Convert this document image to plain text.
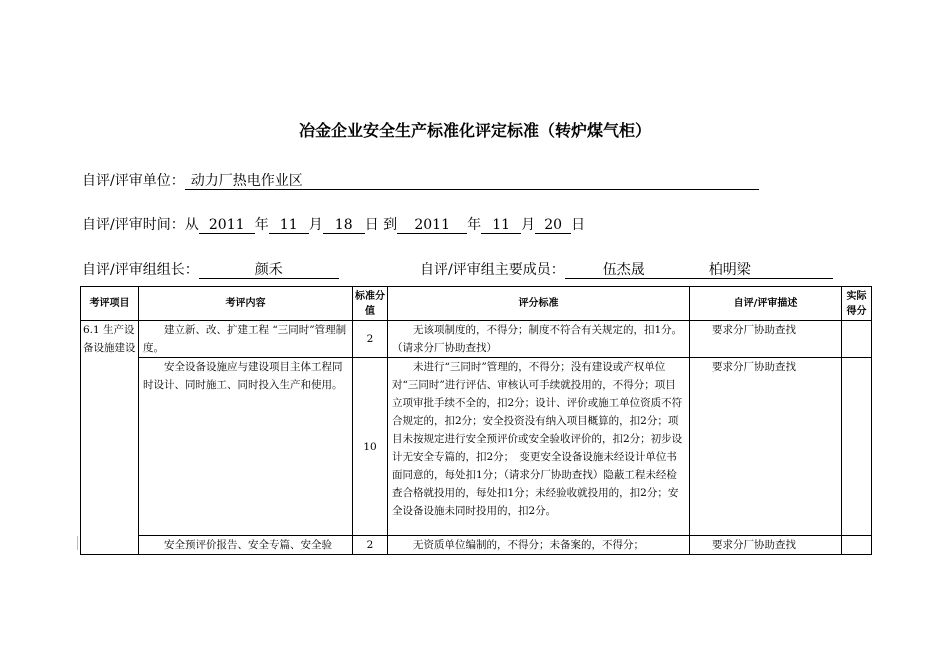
冶金企业安全生产标准化评定标准（转炉煤气柜）
自评/评审单位： 动力厂热电作业区
自评/评审时间：从 2011 年 11 月 18 日 到 2011 年 11 月 20 日
自评/评审组组长：	颜禾	自评/评审组主要成员：	伍杰晟	柏明梁
考评项目	考评内容	标准分值	评分标准	自评/评审描述	实际得分
6.1 生产设备设施建设	建立新、改、扩建工程 “三同时”管理制度。	2	无该项制度的，不得分；制度不符合有关规定的，扣1分。（请求分厂协助查找）	要求分厂协助查找	
	安全设备设施应与建设项目主体工程同时设计、同时施工、同时投入生产和使用。	10	未进行“三同时”管理的，不得分；没有建设或产权单位对“三同时”进行评估、审核认可手续就投用的，不得分；项目立项审批手续不全的，扣2分；设计、评价或施工单位资质不符合规定的，扣2分；安全投资没有纳入项目概算的，扣2分；项目未按规定进行安全预评价或安全验收评价的，扣2分；初步设计无安全专篇的，扣2分；　变更安全设备设施未经设计单位书面同意的，每处扣1分；（请求分厂协助查找）隐蔽工程未经检查合格就投用的，每处扣1分；未经验收就投用的，扣2分；安全设备设施未同时投用的，扣2分。	要求分厂协助查找	
	安全预评价报告、安全专篇、安全验	2	无资质单位编制的，不得分；未备案的，不得分；	要求分厂协助查找	
